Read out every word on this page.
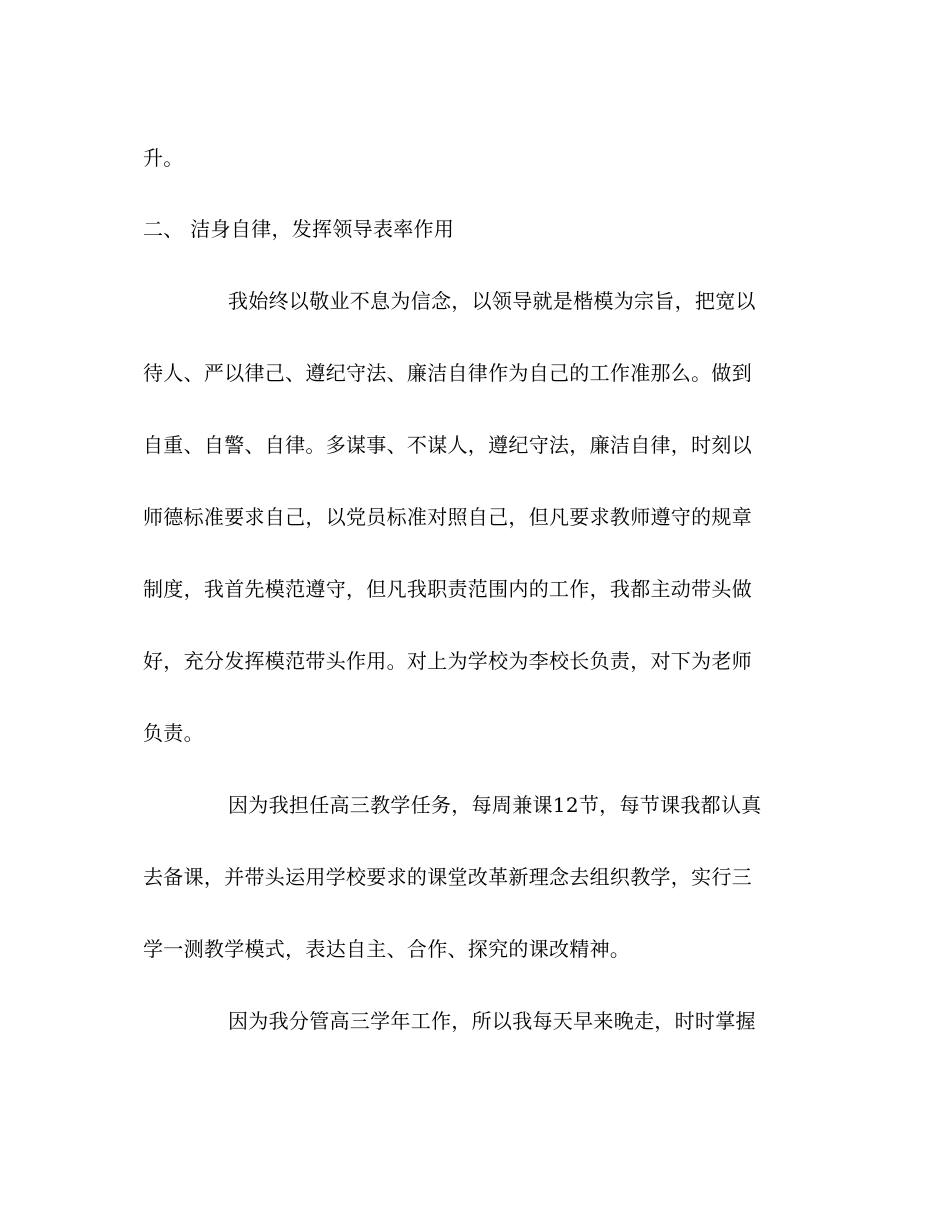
升。
二、 洁身自律，发挥领导表率作用
我始终以敬业不息为信念，以领导就是楷模为宗旨，把宽以
待人、严以律己、遵纪守法、廉洁自律作为自己的工作准那么。做到
自重、自警、自律。多谋事、不谋人，遵纪守法，廉洁自律，时刻以
师德标准要求自己，以党员标准对照自己，但凡要求教师遵守的规章
制度，我首先模范遵守，但凡我职责范围内的工作，我都主动带头做
好，充分发挥模范带头作用。对上为学校为李校长负责，对下为老师
负责。
因为我担任高三教学任务，每周兼课12节，每节课我都认真
去备课，并带头运用学校要求的课堂改革新理念去组织教学，实行三
学一测教学模式，表达自主、合作、探究的课改精神。
因为我分管高三学年工作，所以我每天早来晚走，时时掌握
